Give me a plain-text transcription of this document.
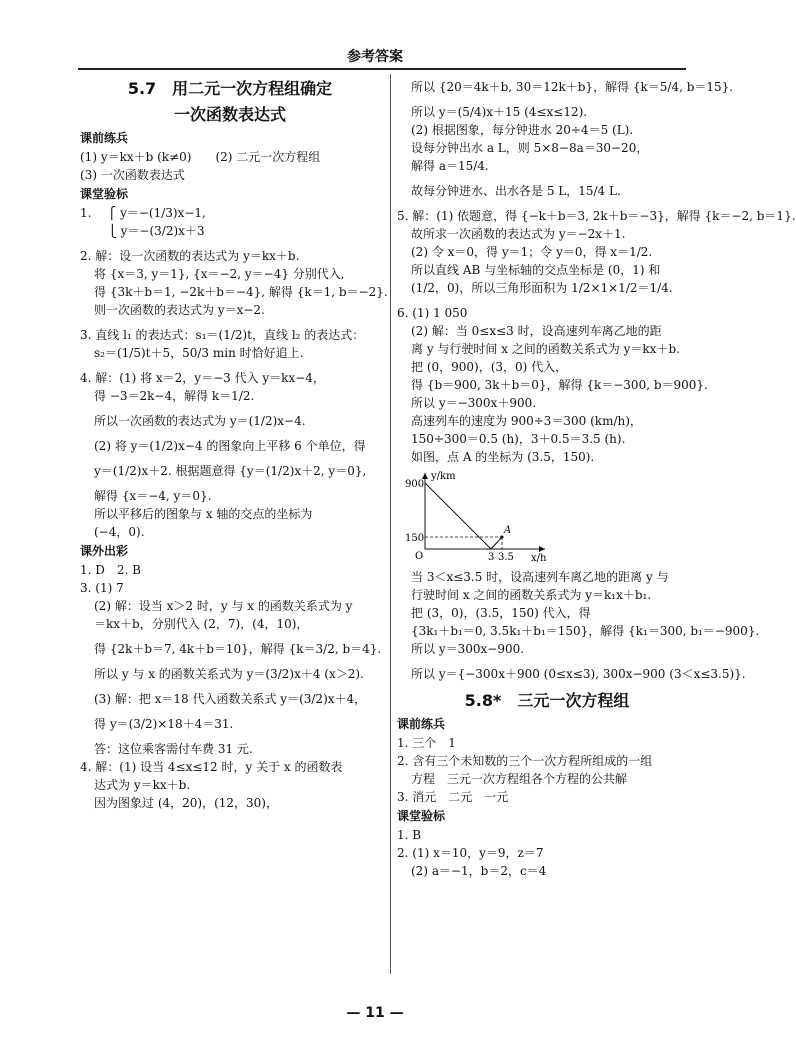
参考答案
5.7　用二元一次方程组确定
一次函数表达式
课前练兵
(1) y＝kx＋b (k≠0)　　(2) 二元一次方程组
(3) 一次函数表达式
课堂验标
1.　 ⎧ y＝−(1/3)x−1,
　　 ⎩ y＝−(3/2)x＋3
2. 解：设一次函数的表达式为 y＝kx＋b.
将 {x＝3, y＝1}, {x＝−2, y＝−4} 分别代入,
得 {3k＋b＝1, −2k＋b＝−4}, 解得 {k＝1, b＝−2}.
则一次函数的表达式为 y＝x−2.
3. 直线 l₁ 的表达式：s₁＝(1/2)t，直线 l₂ 的表达式：
s₂＝(1/5)t＋5，50/3 min 时恰好追上.
4. 解：(1) 将 x＝2，y＝−3 代入 y＝kx−4，
得 −3＝2k−4，解得 k＝1/2.
所以一次函数的表达式为 y＝(1/2)x−4.
(2) 将 y＝(1/2)x−4 的图象向上平移 6 个单位，得
y＝(1/2)x＋2. 根据题意得 {y＝(1/2)x＋2, y＝0},
解得 {x＝−4, y＝0}.
所以平移后的图象与 x 轴的交点的坐标为
(−4，0).
课外出彩
1. D　2. B
3. (1) 7
(2) 解：设当 x＞2 时，y 与 x 的函数关系式为 y
＝kx＋b，分别代入 (2，7)，(4，10)，
得 {2k＋b＝7, 4k＋b＝10}，解得 {k＝3/2, b＝4}.
所以 y 与 x 的函数关系式为 y＝(3/2)x＋4 (x＞2).
(3) 解：把 x＝18 代入函数关系式 y＝(3/2)x＋4，
得 y＝(3/2)×18＋4＝31.
答：这位乘客需付车费 31 元.
4. 解：(1) 设当 4≤x≤12 时，y 关于 x 的函数表
达式为 y＝kx＋b.
因为图象过 (4，20)，(12，30)，
所以 {20＝4k＋b, 30＝12k＋b}，解得 {k＝5/4, b＝15}.
所以 y＝(5/4)x＋15 (4≤x≤12).
(2) 根据图象，每分钟进水 20÷4＝5 (L).
设每分钟出水 a L，则 5×8−8a＝30−20，
解得 a＝15/4.
故每分钟进水、出水各是 5 L，15/4 L.
5. 解：(1) 依题意，得 {−k＋b＝3, 2k＋b＝−3}，解得 {k＝−2, b＝1}.
故所求一次函数的表达式为 y＝−2x＋1.
(2) 令 x＝0，得 y＝1；令 y＝0，得 x＝1/2.
所以直线 AB 与坐标轴的交点坐标是 (0，1) 和
(1/2，0)，所以三角形面积为 1/2×1×1/2＝1/4.
6. (1) 1 050
(2) 解：当 0≤x≤3 时，设高速列车离乙地的距
离 y 与行驶时间 x 之间的函数关系式为 y＝kx＋b.
把 (0，900)，(3，0) 代入，
得 {b＝900, 3k＋b＝0}，解得 {k＝−300, b＝900}.
所以 y＝−300x＋900.
高速列车的速度为 900÷3＝300 (km/h)，
150÷300＝0.5 (h)，3＋0.5＝3.5 (h).
如图，点 A 的坐标为 (3.5，150).
y/km
x/h
900
150
O	3 3.5
A
当 3＜x≤3.5 时，设高速列车离乙地的距离 y 与
行驶时间 x 之间的函数关系式为 y＝k₁x＋b₁.
把 (3，0)，(3.5，150) 代入，得
{3k₁＋b₁＝0, 3.5k₁＋b₁＝150}，解得 {k₁＝300, b₁＝−900}.
所以 y＝300x−900.
所以 y＝{−300x＋900 (0≤x≤3), 300x−900 (3＜x≤3.5)}.
5.8*　三元一次方程组
课前练兵
1. 三个　1
2. 含有三个未知数的三个一次方程所组成的一组
方程　三元一次方程组各个方程的公共解
3. 消元　二元　一元
课堂验标
1. B
2. (1) x＝10，y＝9，z＝7
(2) a＝−1，b＝2，c＝4
— 11 —
